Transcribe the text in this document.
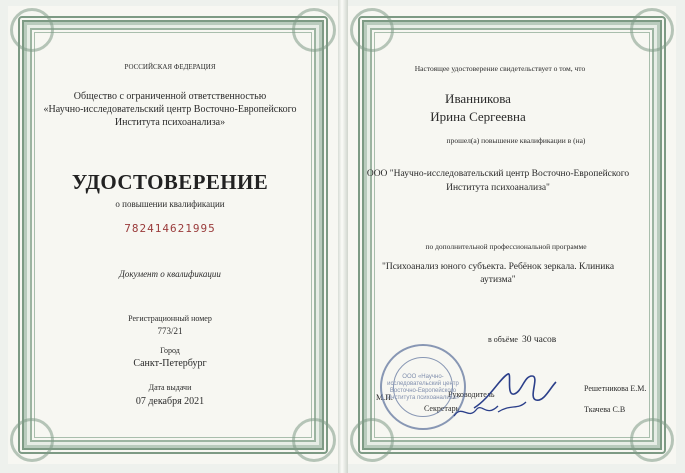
РОССИЙСКАЯ ФЕДЕРАЦИЯ
Общество с ограниченной ответственностью
«Научно-исследовательский центр Восточно-Европейского
Института психоанализа»
УДОСТОВЕРЕНИЕ
о повышении квалификации
782414621995
Документ о квалификации
Регистрационный номер
773/21
Город
Санкт-Петербург
Дата выдачи
07 декабря 2021
Настоящее удостоверение свидетельствует о том, что
Иванникова
Ирина Сергеевна
прошел(а) повышение квалификации в (на)
ООО "Научно-исследовательский центр Восточно-Европейского
Института психоанализа"
по дополнительной профессиональной программе
"Психоанализ юного субъекта. Ребёнок зеркала. Клиника
аутизма"
в объёме 30 часов
М.П.	Руководитель
Решетникова Е.М.
Секретарь	Ткачева С.В
ООО «Научно-
исследовательский центр
Восточно-Европейского
Института психоанализа»
